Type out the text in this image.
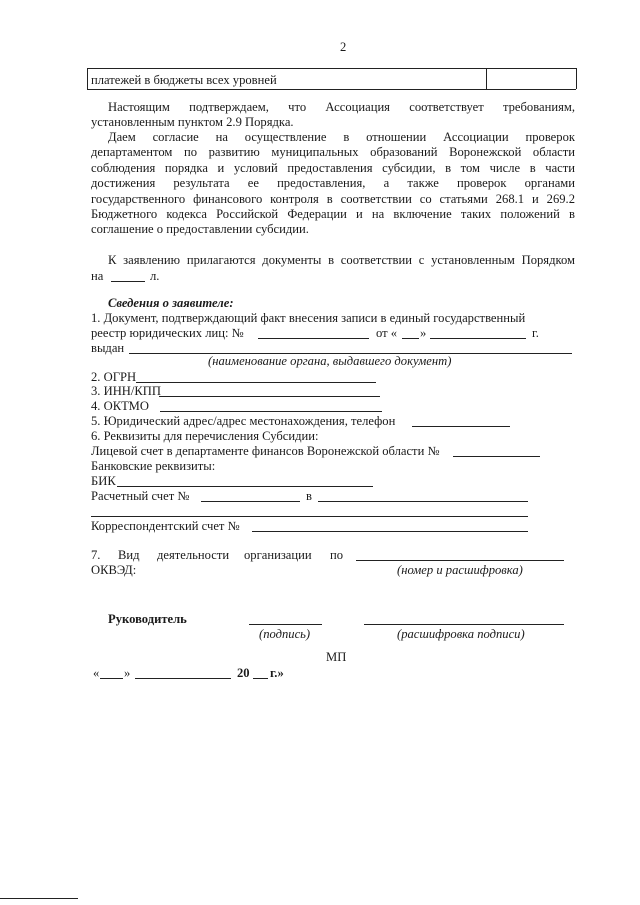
2
платежей в бюджеты всех уровней
Настоящим подтверждаем, что Ассоциация соответствует требованиям,
установленным пунктом 2.9 Порядка.
Даем согласие на осуществление в отношении Ассоциации проверок
департаментом по развитию муниципальных образований Воронежской области
соблюдения порядка и условий предоставления субсидии, в том числе в части
достижения результата ее предоставления, а также проверок органами
государственного финансового контроля в соответствии со статьями 268.1 и 269.2
Бюджетного кодекса Российской Федерации и на включение таких положений в
соглашение о предоставлении субсидии.
К заявлению прилагаются документы в соответствии с установленным Порядком
на	л.
Сведения о заявителе:
1. Документ, подтверждающий факт внесения записи в единый государственный
реестр юридических лиц: №	от « »	г.
выдан
(наименование органа, выдавшего документ)
2. ОГРН
3. ИНН/КПП
4. ОКТМО
5. Юридический адрес/адрес местонахождения, телефон
6. Реквизиты для перечисления Субсидии:
Лицевой счет в департаменте финансов Воронежской области №
Банковские реквизиты:
БИК
Расчетный счет №	в
Корреспондентский счет №
7. Вид деятельности организации по
ОКВЭД:	(номер и расшифровка)
Руководитель
(подпись)	(расшифровка подписи)
МП
« »	20 г.»
